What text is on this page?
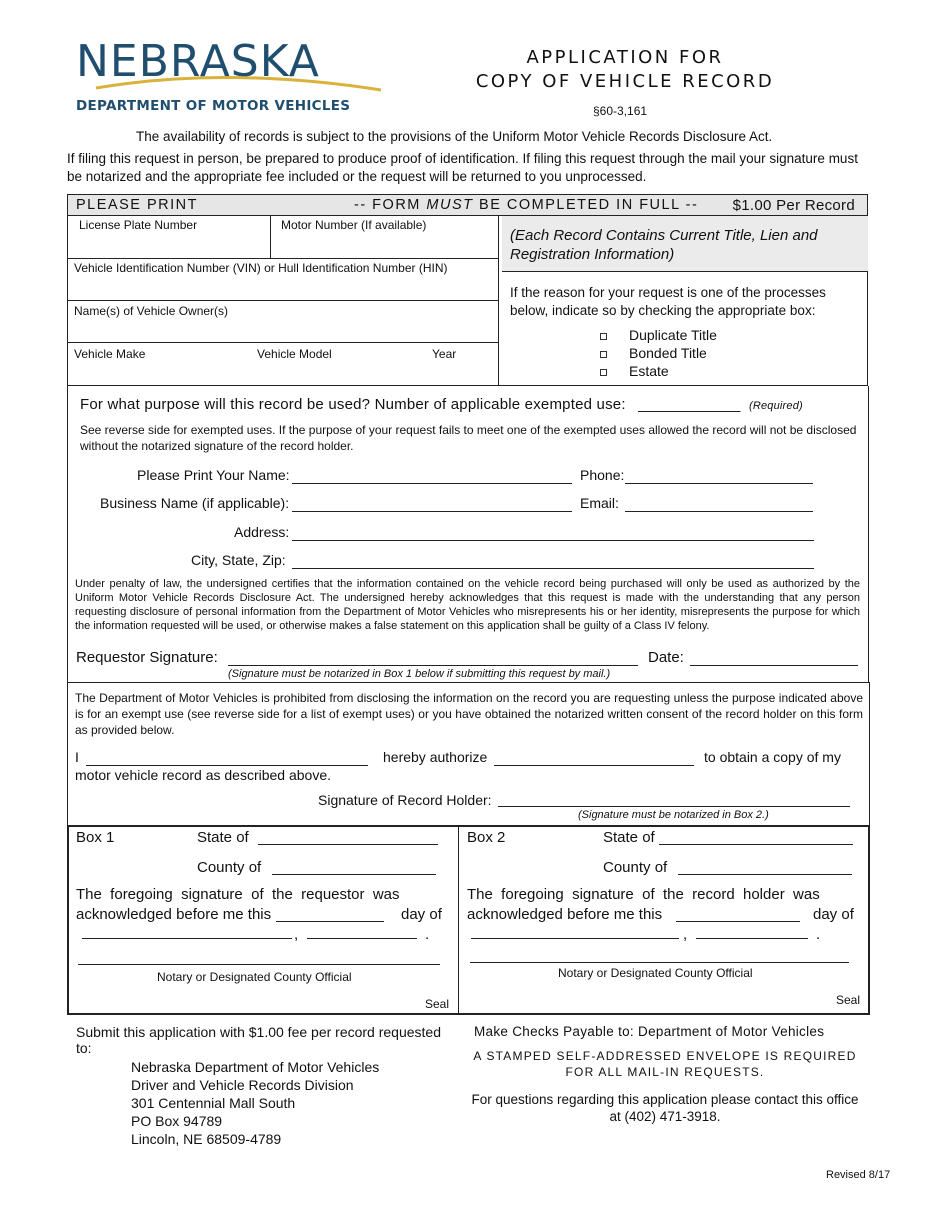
NEBRASKA
DEPARTMENT OF MOTOR VEHICLES
APPLICATION FOR
COPY OF VEHICLE RECORD
§60-3,161
The availability of records is subject to the provisions of the Uniform Motor Vehicle Records Disclosure Act.
If filing this request in person, be prepared to produce proof of identification. If filing this request through the mail your signature must be notarized and the appropriate fee included or the request will be returned to you unprocessed.
PLEASE PRINT	-- FORM MUST BE COMPLETED IN FULL -- $1.00 Per Record
License Plate Number	Motor Number (If available)
Vehicle Identification Number (VIN) or Hull Identification Number (HIN)
Name(s) of Vehicle Owner(s)
Vehicle Make	Vehicle Model	Year
(Each Record Contains Current Title, Lien and Registration Information)
If the reason for your request is one of the processes below, indicate so by checking the appropriate box:
Duplicate Title
Bonded Title
Estate
For what purpose will this record be used? Number of applicable exempted use: ____________ (Required)
See reverse side for exempted uses. If the purpose of your request fails to meet one of the exempted uses allowed the record will not be disclosed without the notarized signature of the record holder.
Please Print Your Name:	Phone:
Business Name (if applicable):	Email:
Address:
City, State, Zip:
Under penalty of law, the undersigned certifies that the information contained on the vehicle record being purchased will only be used as authorized by the Uniform Motor Vehicle Records Disclosure Act. The undersigned hereby acknowledges that this request is made with the understanding that any person requesting disclosure of personal information from the Department of Motor Vehicles who misrepresents his or her identity, misrepresents the purpose for which the information requested will be used, or otherwise makes a false statement on this application shall be guilty of a Class IV felony.
Requestor Signature:	Date:
(Signature must be notarized in Box 1 below if submitting this request by mail.)
The Department of Motor Vehicles is prohibited from disclosing the information on the record you are requesting unless the purpose indicated above is for an exempt use (see reverse side for a list of exempt uses) or you have obtained the notarized written consent of the record holder on this form as provided below.
I	hereby authorize	to obtain a copy of my
motor vehicle record as described above.
Signature of Record Holder:
(Signature must be notarized in Box 2.)
Box 1	State of
County of
The  foregoing  signature  of  the  requestor  was
acknowledged before me this	day of
,	.
Notary or Designated County Official
Seal
Box 2	State of
County of
The  foregoing  signature  of  the  record  holder  was
acknowledged before me this	day of
,	.
Notary or Designated County Official
Seal
Submit this application with $1.00 fee per record requested to:
Nebraska Department of Motor Vehicles
Driver and Vehicle Records Division
301 Centennial Mall South
PO Box 94789
Lincoln, NE 68509-4789
Make Checks Payable to: Department of Motor Vehicles
A STAMPED SELF-ADDRESSED ENVELOPE IS REQUIRED FOR ALL MAIL-IN REQUESTS.
For questions regarding this application please contact this office at (402) 471-3918.
Revised 8/17
